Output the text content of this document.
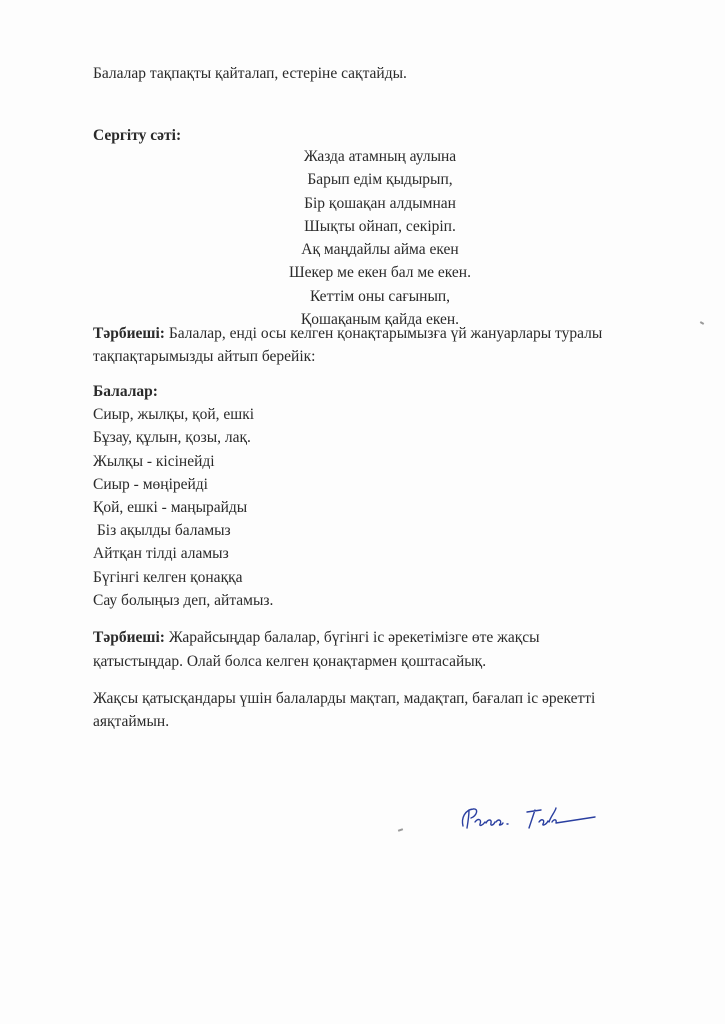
Балалар тақпақты қайталап, естеріне сақтайды.

Сергіту сәті:

Жазда атамның аулына
Барып едім қыдырып,
Бір қошақан алдымнан
Шықты ойнап, секіріп.
Ақ маңдайлы айма екен
Шекер ме екен бал ме екен.
Кеттім оны сағынып,
Қошақаным қайда екен.

Тәрбиеші: Балалар, енді осы келген қонақтарымызға үй жануарлары туралы

тақпақтарымызды айтып берейік:

Балалар:
Сиыр, жылқы, қой, ешкі
Бұзау, құлын, қозы, лақ.
Жылқы - кісінейді
Сиыр - мөңірейді
Қой, ешкі - маңырайды
Біз ақылды баламыз
Айтқан тілді аламыз
Бүгінгі келген қонаққа
Сау болыңыз деп, айтамыз.

Тәрбиеші: Жарайсыңдар балалар, бүгінгі іс әрекетімізге өте жақсы

қатыстыңдар. Олай болса келген қонақтармен қоштасайық.

Жақсы қатысқандары үшін балаларды мақтап, мадақтап, бағалап іс әрекетті

аяқтаймын.
